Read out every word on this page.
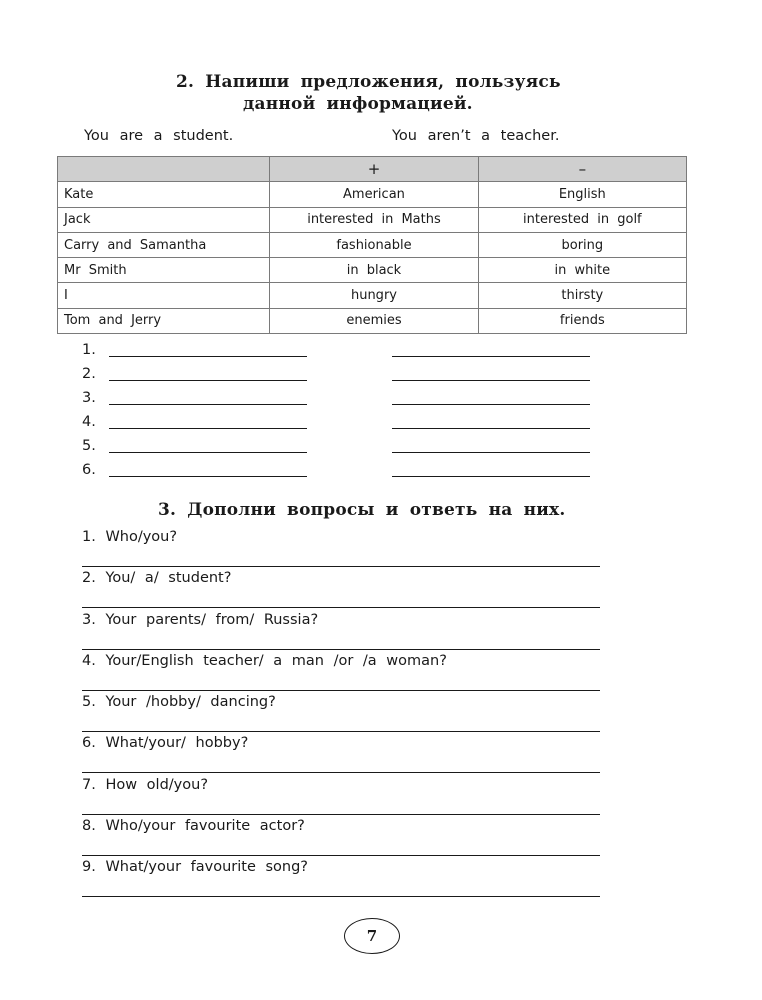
2. Напиши предложения, пользуясь
данной информацией.
You are a student.	You aren’t a teacher.
	+	–
Kate	American	English
Jack	interested in Maths	interested in golf
Carry and Samantha	fashionable	boring
Mr Smith	in black	in white
I	hungry	thirsty
Tom and Jerry	enemies	friends
1.
2.
3.
4.
5.
6.
3. Дополни вопросы и ответь на них.
1. Who/you?
2. You/ a/ student?
3. Your parents/ from/ Russia?
4. Your/English teacher/ a man /or /a woman?
5. Your /hobby/ dancing?
6. What/your/ hobby?
7. How old/you?
8. Who/your favourite actor?
9. What/your favourite song?
7
